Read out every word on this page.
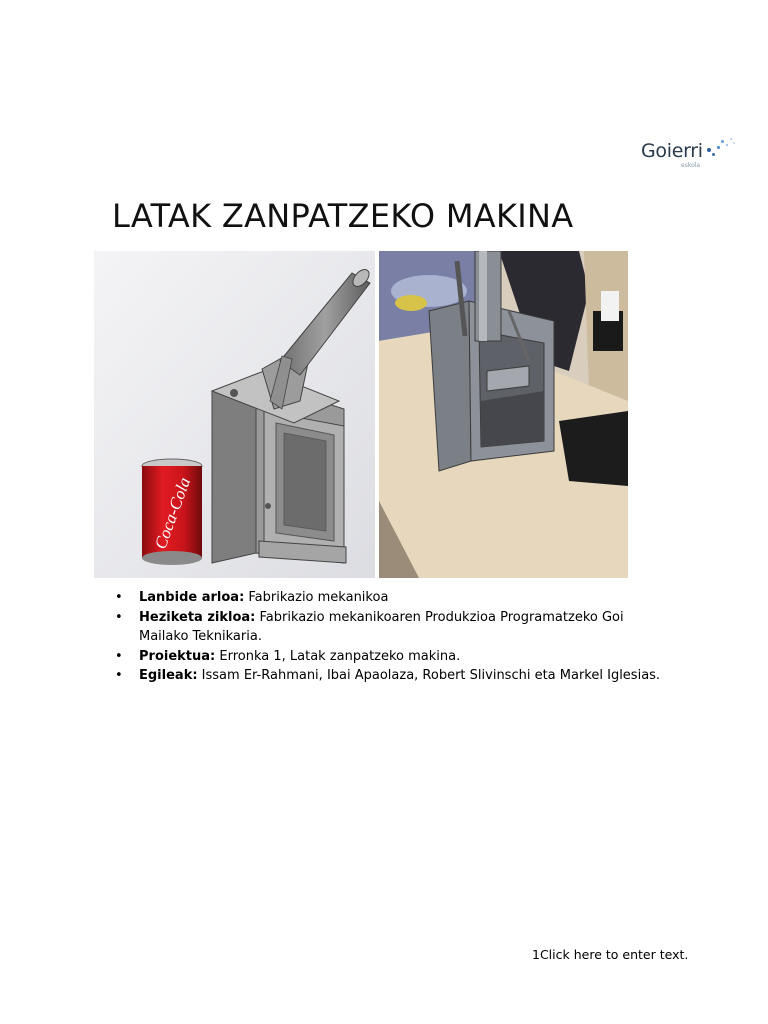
Goierri
eskola
LATAK ZANPATZEKO MAKINA
Coca-Cola
• Lanbide arloa: Fabrikazio mekanikoa
• Heziketa zikloa: Fabrikazio mekanikoaren Produkzioa Programatzeko Goi Mailako Teknikaria.
• Proiektua: Erronka 1, Latak zanpatzeko makina.
• Egileak: Issam Er-Rahmani, Ibai Apaolaza, Robert Slivinschi eta Markel Iglesias.
1Click here to enter text.
